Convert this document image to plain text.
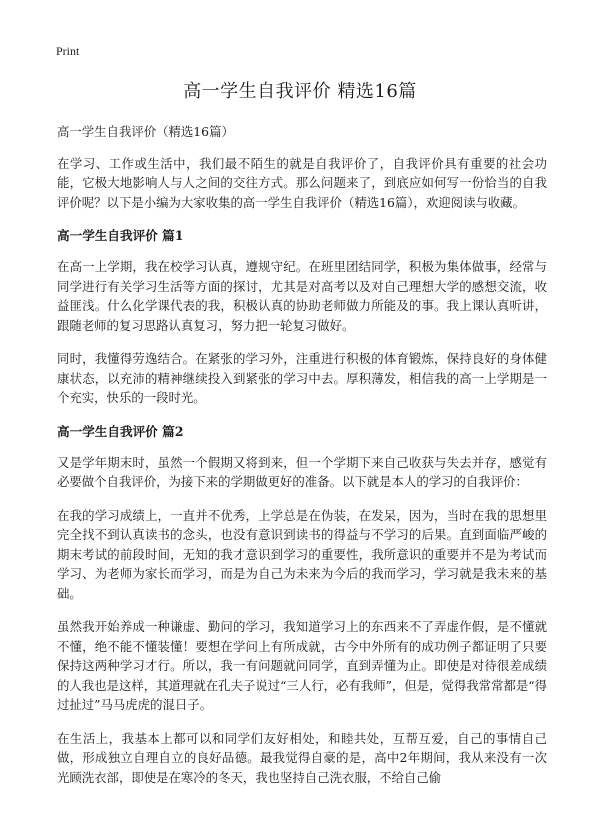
Print
高一学生自我评价 精选16篇

高一学生自我评价（精选16篇）

在学习、工作或生活中，我们最不陌生的就是自我评价了，自我评价具有重要的社会功能，它极大地影响人与人之间的交往方式。那么问题来了，到底应如何写一份恰当的自我评价呢？以下是小编为大家收集的高一学生自我评价（精选16篇），欢迎阅读与收藏。

高一学生自我评价 篇1

在高一上学期，我在校学习认真，遵规守纪。在班里团结同学，积极为集体做事，经常与同学进行有关学习生活等方面的探讨，尤其是对高考以及对自己理想大学的感想交流，收益匪浅。什么化学课代表的我，积极认真的协助老师做力所能及的事。我上课认真听讲，跟随老师的复习思路认真复习，努力把一轮复习做好。

同时，我懂得劳逸结合。在紧张的学习外，注重进行积极的体育锻炼，保持良好的身体健康状态，以充沛的精神继续投入到紧张的学习中去。厚积薄发，相信我的高一上学期是一个充实，快乐的一段时光。

高一学生自我评价 篇2

又是学年期末时，虽然一个假期又将到来，但一个学期下来自己收获与失去并存，感觉有必要做个自我评价，为接下来的学期做更好的准备。以下就是本人的学习的自我评价：

在我的学习成绩上，一直并不优秀，上学总是在伪装，在发呆，因为，当时在我的思想里完全找不到认真读书的念头，也没有意识到读书的得益与不学习的后果。直到面临严峻的期末考试的前段时间，无知的我才意识到学习的重要性，我所意识的重要并不是为考试而学习、为老师为家长而学习，而是为自己为未来为今后的我而学习，学习就是我未来的基础。

虽然我开始养成一种谦虚、勤问的学习，我知道学习上的东西来不了弄虚作假，是不懂就不懂，绝不能不懂装懂！要想在学问上有所成就，古今中外所有的成功例子都证明了只要保持这两种学习才行。所以，我一有问题就问同学，直到弄懂为止。即使是对待很差成绩的人我也是这样，其道理就在孔夫子说过“三人行，必有我师”，但是，觉得我常常都是“得过扯过”马马虎虎的混日子。

在生活上，我基本上都可以和同学们友好相处，和睦共处，互帮互爱，自己的事情自己做，形成独立自理自立的良好品德。最我觉得自豪的是，高中2年期间，我从来没有一次光顾洗衣部，即使是在寒冷的冬天，我也坚持自己洗衣服，不给自己偷
